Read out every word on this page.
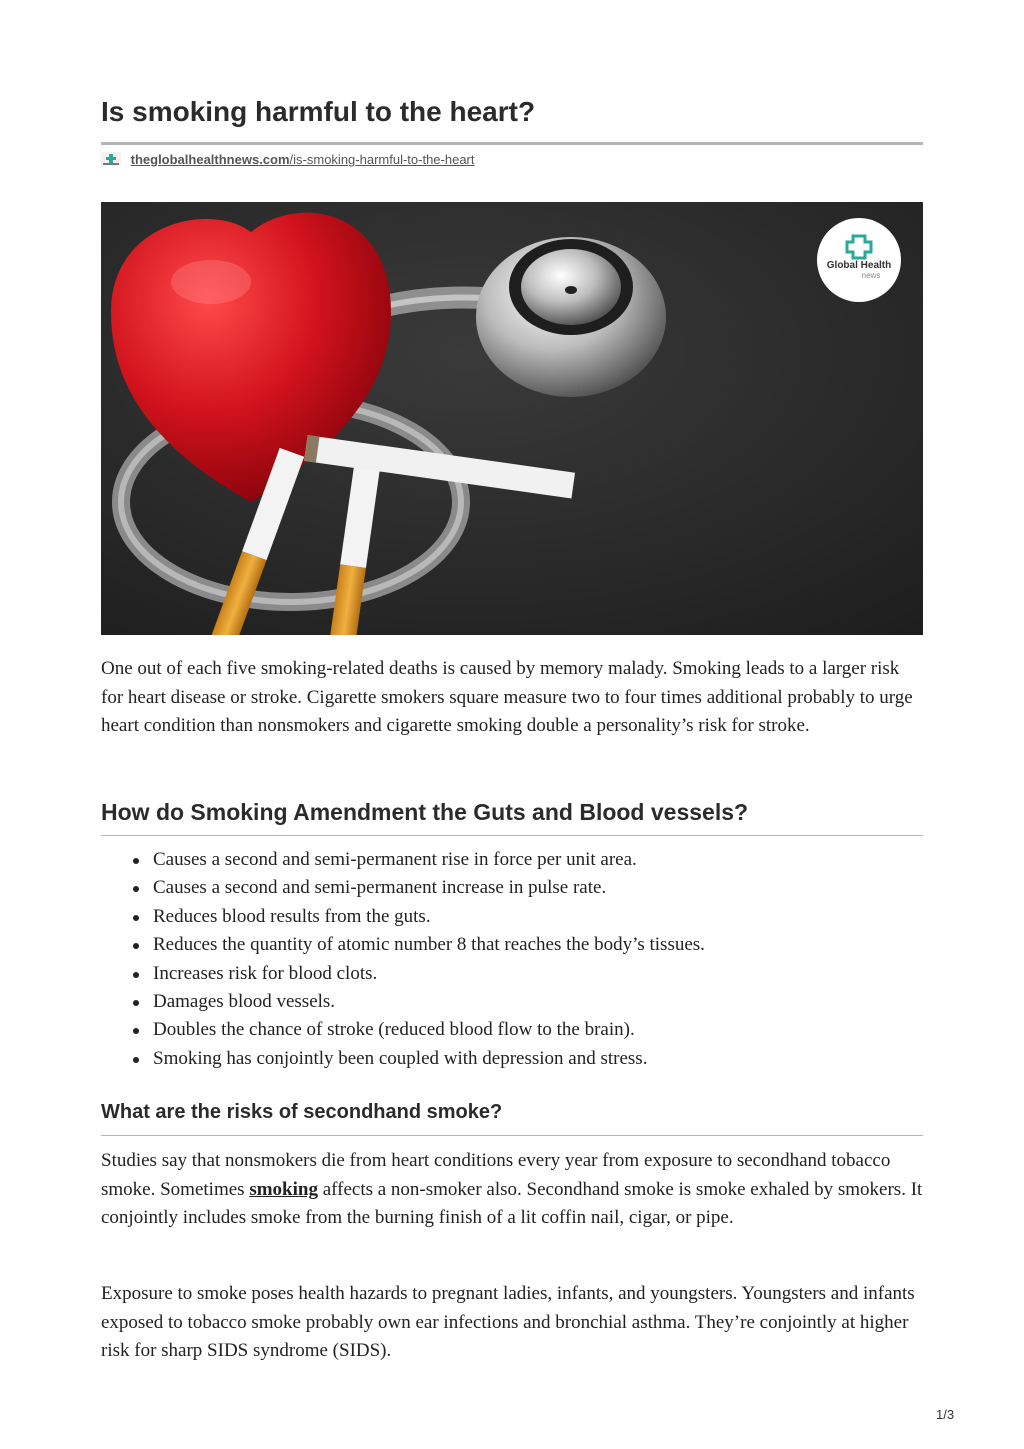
Is smoking harmful to the heart?
theglobalhealthnews.com/is-smoking-harmful-to-the-heart
Global Health
news

One out of each five smoking-related deaths is caused by memory malady. Smoking leads to a larger risk for heart disease or stroke. Cigarette smokers square measure two to four times additional probably to urge heart condition than nonsmokers and cigarette smoking double a personality’s risk for stroke.

How do Smoking Amendment the Guts and Blood vessels?
Causes a second and semi-permanent rise in force per unit area.
Causes a second and semi-permanent increase in pulse rate.
Reduces blood results from the guts.
Reduces the quantity of atomic number 8 that reaches the body’s tissues.
Increases risk for blood clots.
Damages blood vessels.
Doubles the chance of stroke (reduced blood flow to the brain).
Smoking has conjointly been coupled with depression and stress.
What are the risks of secondhand smoke?

Studies say that nonsmokers die from heart conditions every year from exposure to secondhand tobacco smoke. Sometimes smoking affects a non-smoker also. Secondhand smoke is smoke exhaled by smokers. It conjointly includes smoke from the burning finish of a lit coffin nail, cigar, or pipe.

Exposure to smoke poses health hazards to pregnant ladies, infants, and youngsters. Youngsters and infants exposed to tobacco smoke probably own ear infections and bronchial asthma. They’re conjointly at higher risk for sharp SIDS syndrome (SIDS).

1/3
